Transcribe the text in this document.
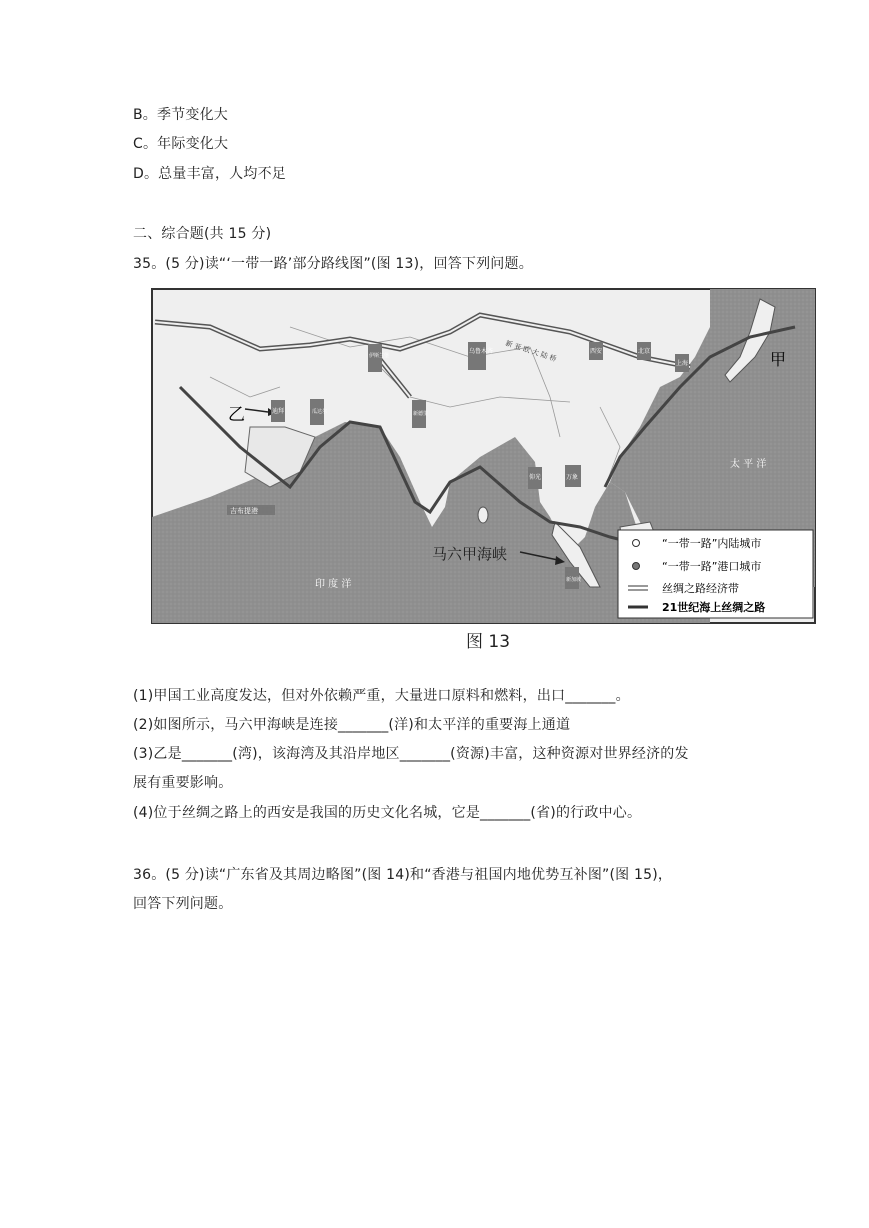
B。季节变化大
C。年际变化大
D。总量丰富，人均不足
二、综合题(共 15 分)
35。(5 分)读“‘一带一路’部分路线图”(图 13)，回答下列问题。
“一带一路”内陆城市
“一带一路”港口城市
丝绸之路经济带
21世纪海上丝绸之路
甲
乙
马六甲海峡
太 平 洋
印 度 洋
新 亚 欧 大 陆 桥
乌鲁木齐	西安	北京
上海
伊斯兰堡
瓜达尔
迪拜	新德里
仰光	万象
新加坡
吉布提港
图 13
(1)甲国工业高度发达，但对外依赖严重，大量进口原料和燃料，出口_______。
(2)如图所示，马六甲海峡是连接_______(洋)和太平洋的重要海上通道
(3)乙是_______(湾)，该海湾及其沿岸地区_______(资源)丰富，这种资源对世界经济的发
展有重要影响。
(4)位于丝绸之路上的西安是我国的历史文化名城，它是_______(省)的行政中心。
36。(5 分)读“广东省及其周边略图”(图 14)和“香港与祖国内地优势互补图”(图 15)，
回答下列问题。
